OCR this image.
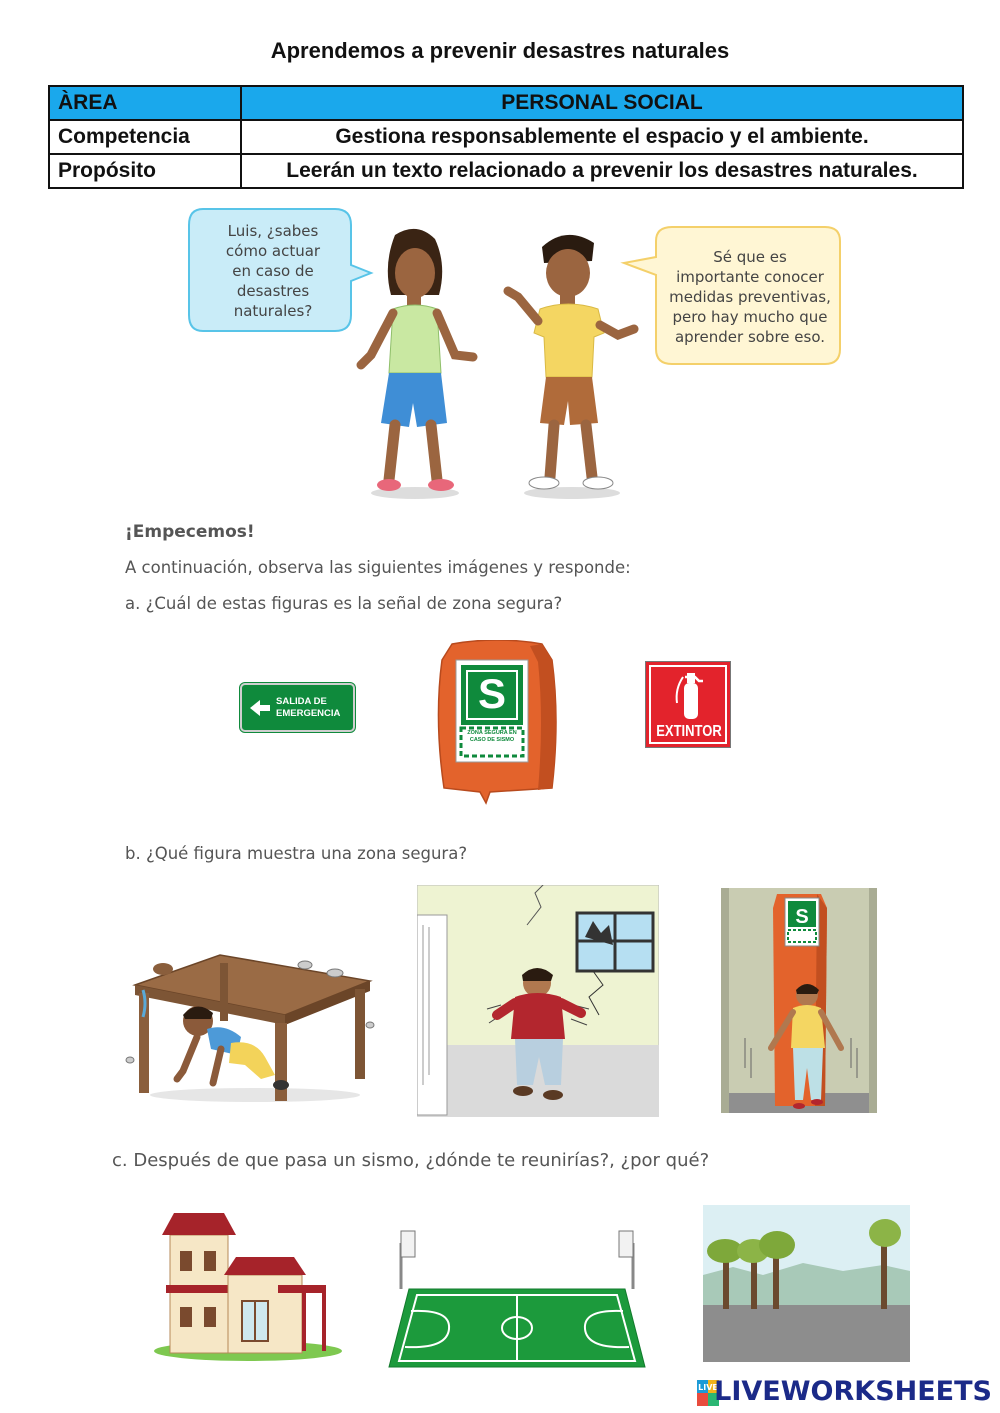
Aprendemos a prevenir desastres naturales
ÀREA	PERSONAL SOCIAL
Competencia	Gestiona responsablemente el espacio y el ambiente.
Propósito	Leerán un texto relacionado a prevenir los desastres naturales.
Luis, ¿sabes
cómo actuar
en caso de
desastres
naturales?
Sé que es
importante conocer
medidas preventivas,
pero hay mucho que
aprender sobre eso.
¡Empecemos!
A continuación, observa las siguientes imágenes y responde:
a. ¿Cuál de estas figuras es la señal de zona segura?
SALIDA DE
EMERGENCIA	S
ZONA SEGURA EN CASO DE SISMO
EXTINTOR
b. ¿Qué figura muestra una zona segura?
S
c. Después de que pasa un sismo, ¿dónde te reunirías?, ¿por qué?
LIVE
LIVEWORKSHEETS
